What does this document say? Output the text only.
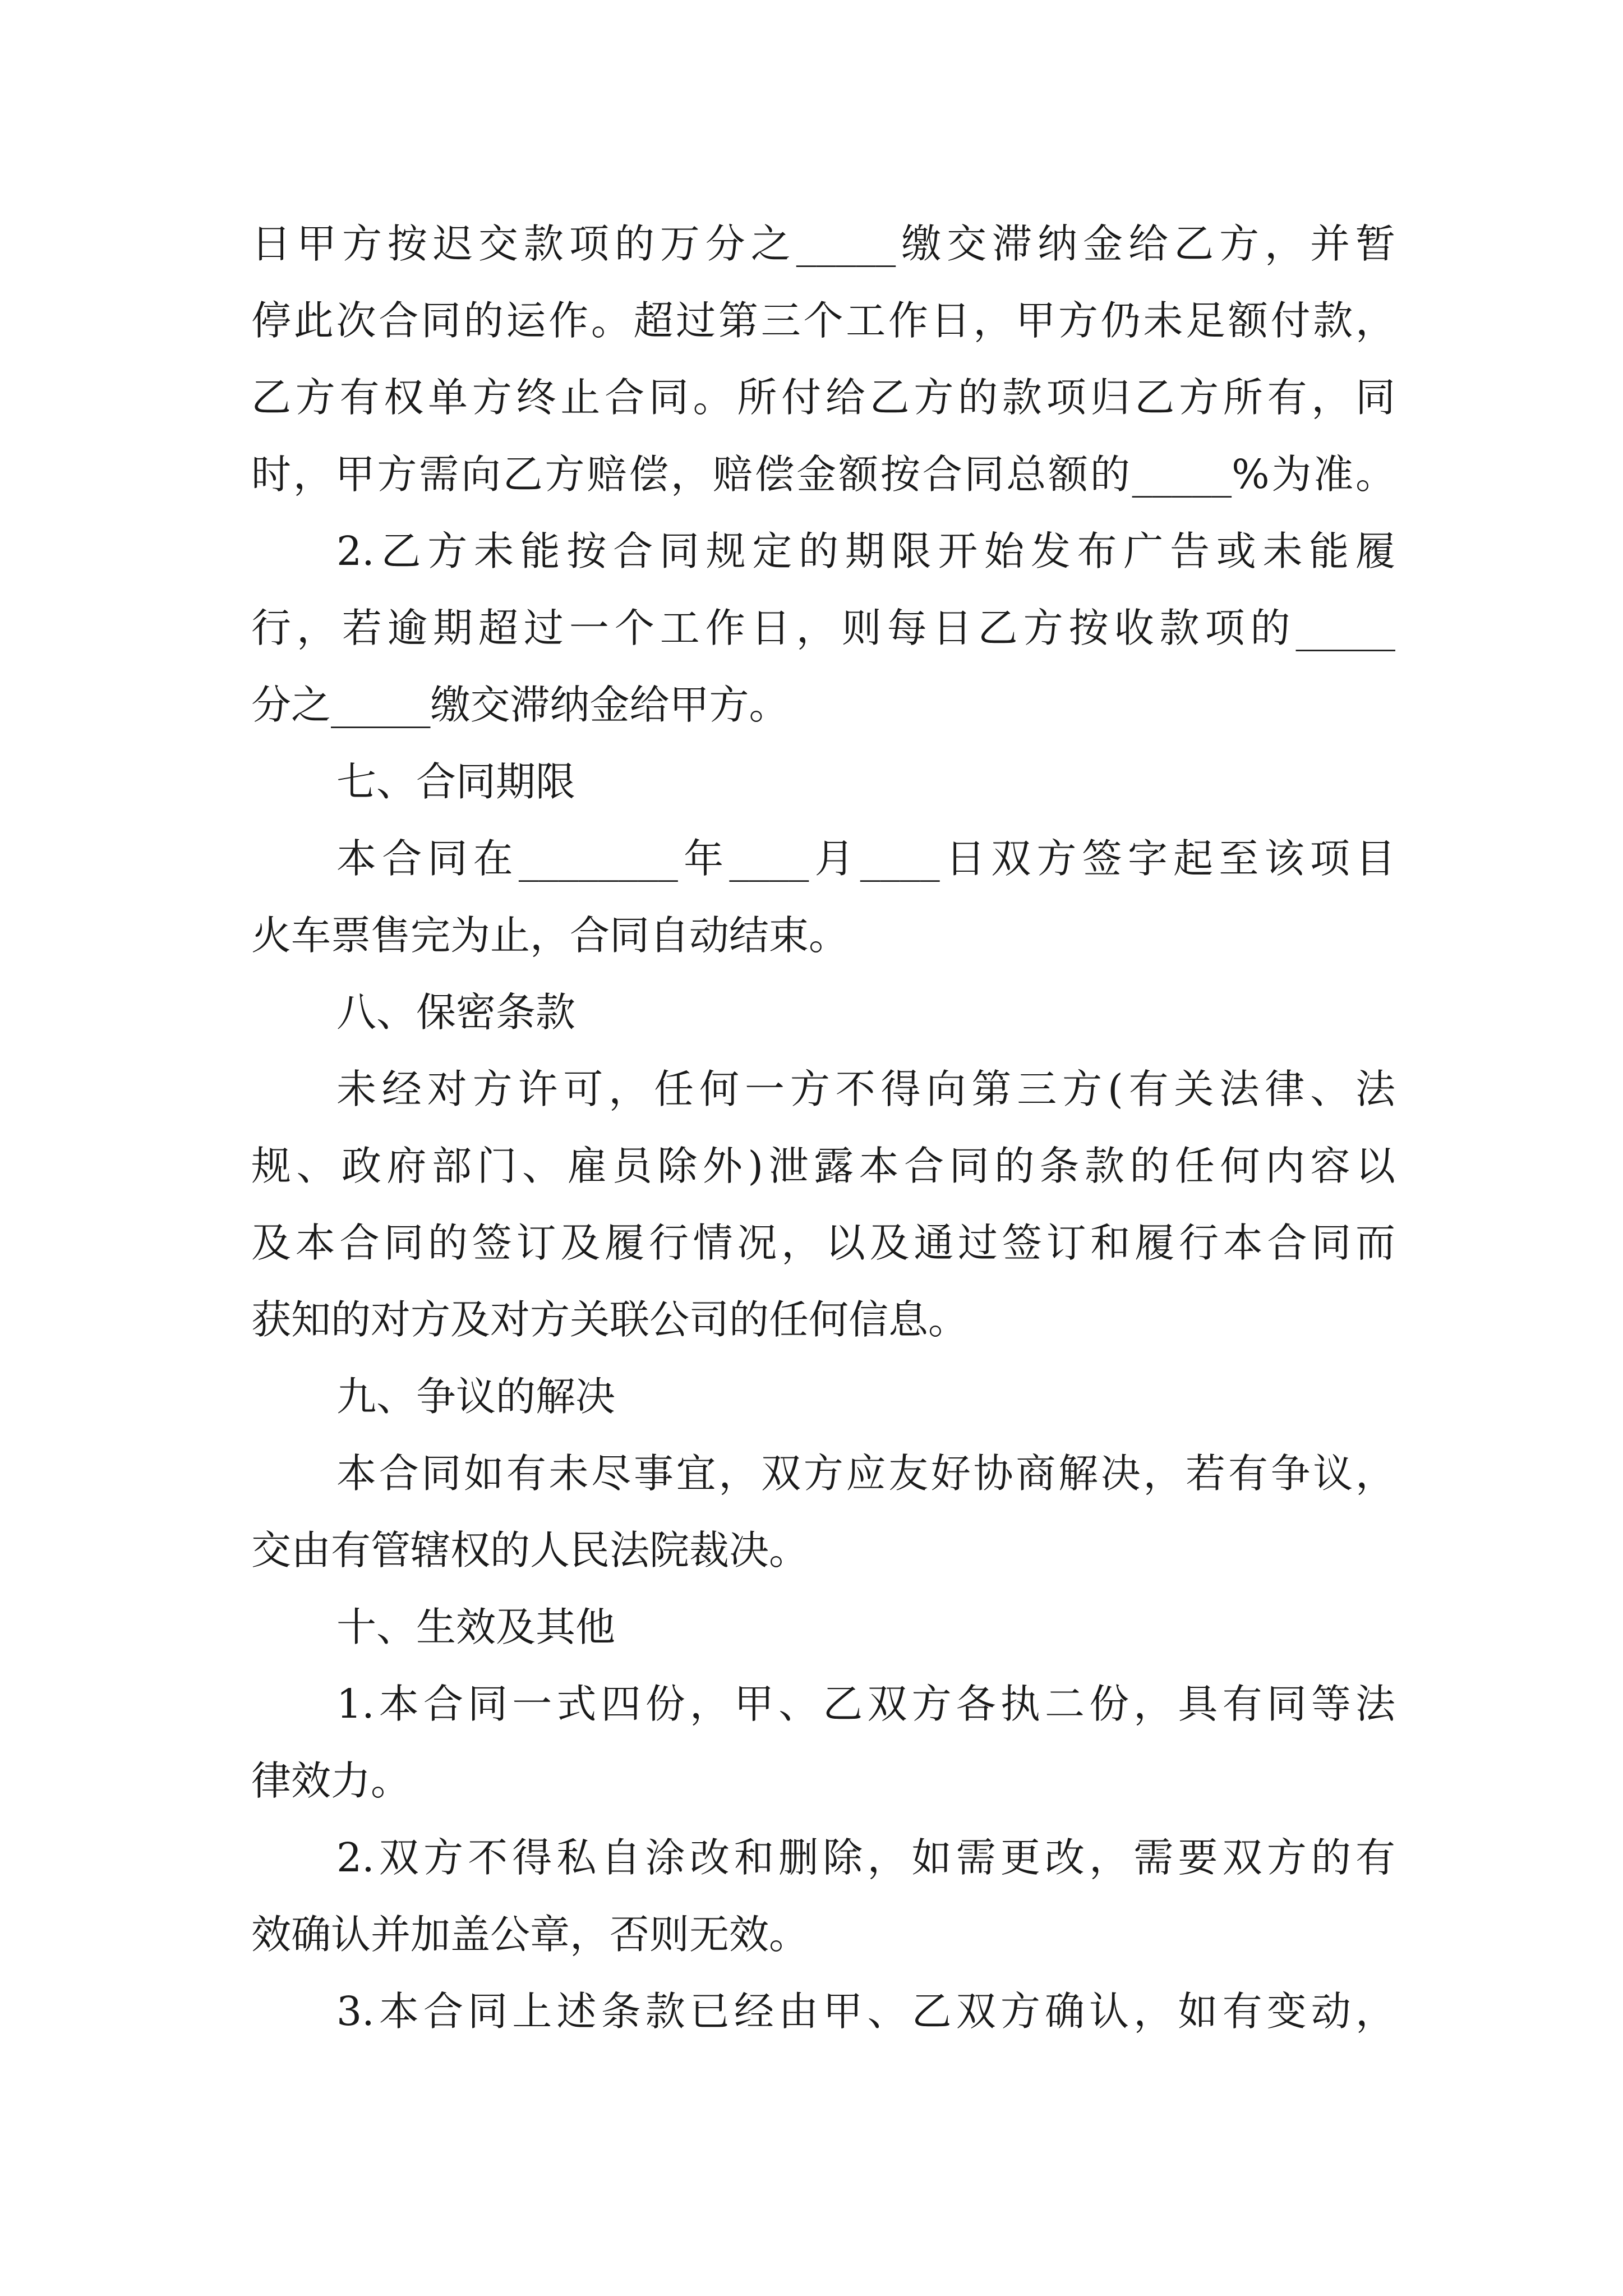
日甲方按迟交款项的万分之_____缴交滞纳金给乙方，并暂
停此次合同的运作。超过第三个工作日，甲方仍未足额付款，
乙方有权单方终止合同。所付给乙方的款项归乙方所有，同
时，甲方需向乙方赔偿，赔偿金额按合同总额的_____%为准。
2.乙方未能按合同规定的期限开始发布广告或未能履
行，若逾期超过一个工作日，则每日乙方按收款项的_____
分之_____缴交滞纳金给甲方。
七、合同期限
本合同在________年____月____日双方签字起至该项目
火车票售完为止，合同自动结束。
八、保密条款
未经对方许可，任何一方不得向第三方(有关法律、法
规、政府部门、雇员除外)泄露本合同的条款的任何内容以
及本合同的签订及履行情况，以及通过签订和履行本合同而
获知的对方及对方关联公司的任何信息。
九、争议的解决
本合同如有未尽事宜，双方应友好协商解决，若有争议，
交由有管辖权的人民法院裁决。
十、生效及其他
1.本合同一式四份，甲、乙双方各执二份，具有同等法
律效力。
2.双方不得私自涂改和删除，如需更改，需要双方的有
效确认并加盖公章，否则无效。
3.本合同上述条款已经由甲、乙双方确认，如有变动，
